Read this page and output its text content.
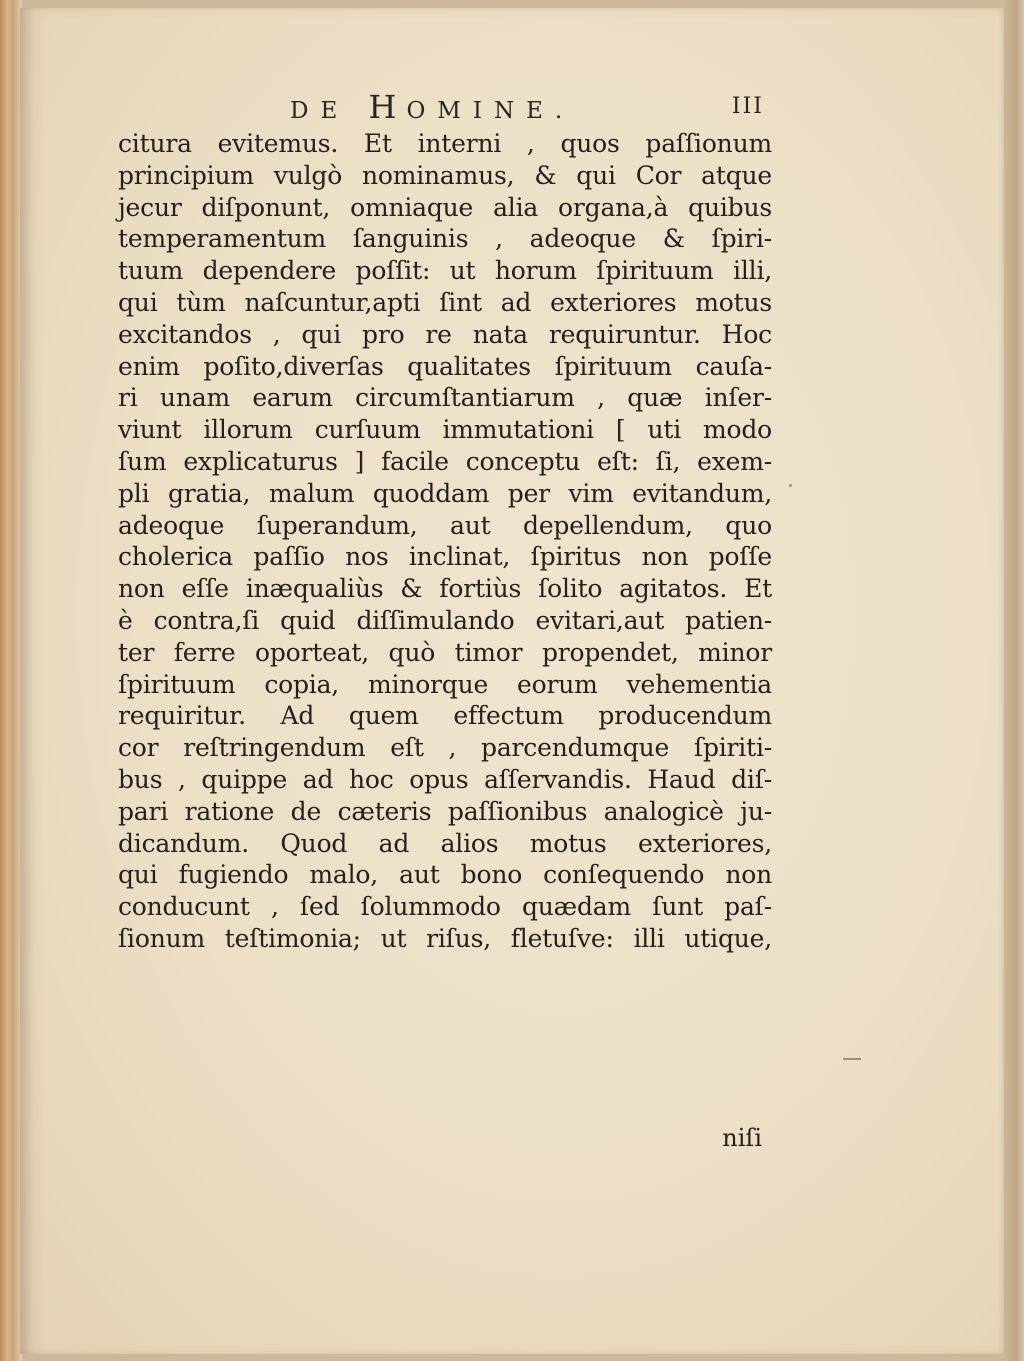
DE HOMINE.	III
citura evitemus. Et interni , quos paſſionum
principium vulgò nominamus, & qui Cor atque
jecur diſponunt, omniaque alia organa,à quibus
temperamentum ſanguinis , adeoque & ſpiri-
tuum dependere poſſit: ut horum ſpirituum illi,
qui tùm naſcuntur,apti ſint ad exteriores motus
excitandos , qui pro re nata requiruntur. Hoc
enim poſito,diverſas qualitates ſpirituum cauſa-
ri unam earum circumſtantiarum , quæ inſer-
viunt illorum curſuum immutationi [ uti modo
ſum explicaturus ] facile conceptu eſt: ſi, exem-
pli gratia, malum quoddam per vim evitandum,
adeoque ſuperandum, aut depellendum, quo
cholerica paſſio nos inclinat, ſpiritus non poſſe
non eſſe inæqualiùs & fortiùs ſolito agitatos. Et
è contra,ſi quid diſſimulando evitari,aut patien-
ter ferre oporteat, quò timor propendet, minor
ſpirituum copia, minorque eorum vehementia
requiritur. Ad quem effectum producendum
cor reſtringendum eſt , parcendumque ſpiriti-
bus , quippe ad hoc opus aſſervandis. Haud diſ-
pari ratione de cæteris paſſionibus analogicè ju-
dicandum. Quod ad alios motus exteriores,
qui fugiendo malo, aut bono conſequendo non
conducunt , ſed ſolummodo quædam ſunt paſ-
ſionum teſtimonia; ut riſus, fletuſve: illi utique,
niſi
